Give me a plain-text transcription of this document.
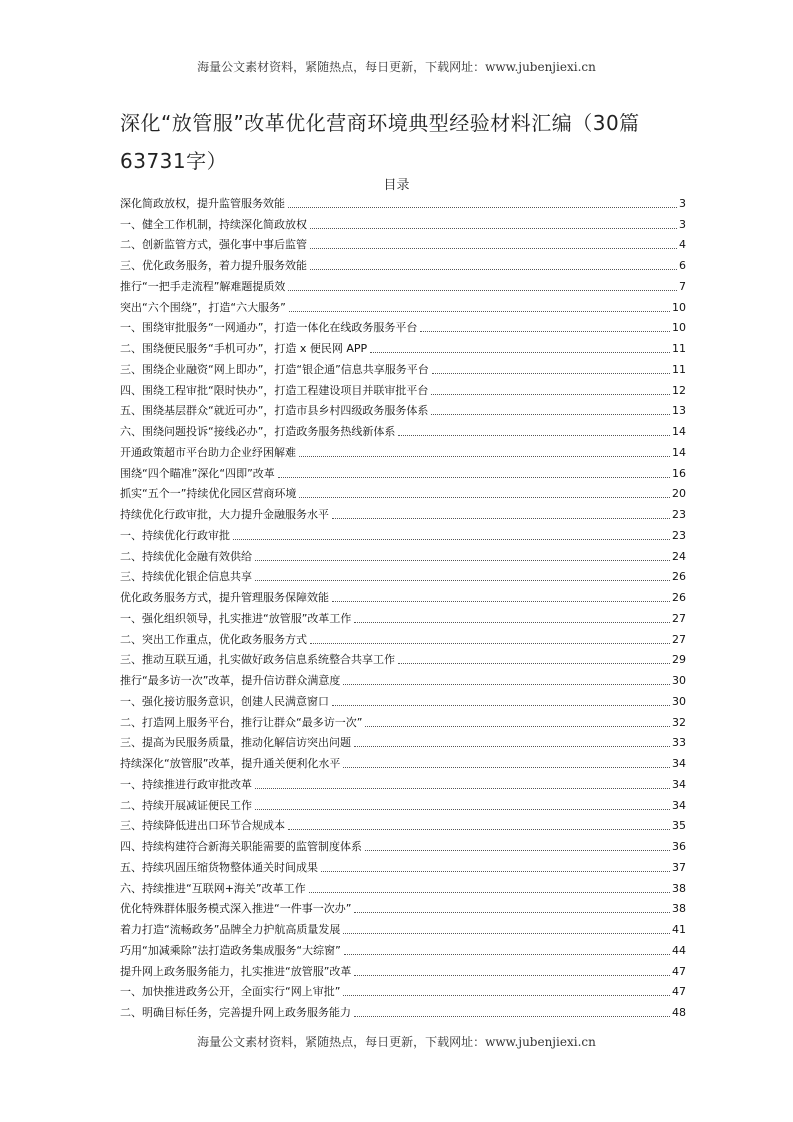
海量公文素材资料，紧随热点，每日更新，下载网址：www.jubenjiexi.cn
深化“放管服”改革优化营商环境典型经验材料汇编（30篇63731字）
目录
深化简政放权，提升监管服务效能	3
一、健全工作机制，持续深化简政放权	3
二、创新监管方式，强化事中事后监管	4
三、优化政务服务，着力提升服务效能	6
推行“一把手走流程”解难题提质效	7
突出“六个围绕”，打造“六大服务”	10
一、围绕审批服务“一网通办”，打造一体化在线政务服务平台	10
二、围绕便民服务“手机可办”，打造 x 便民网 APP	11
三、围绕企业融资“网上即办”，打造“银企通”信息共享服务平台	11
四、围绕工程审批“限时快办”，打造工程建设项目并联审批平台	12
五、围绕基层群众“就近可办”，打造市县乡村四级政务服务体系	13
六、围绕问题投诉“接线必办”，打造政务服务热线新体系	14
开通政策超市平台助力企业纾困解难	14
围绕“四个瞄准”深化“四即”改革	16
抓实“五个一”持续优化园区营商环境	20
持续优化行政审批，大力提升金融服务水平	23
一、持续优化行政审批	23
二、持续优化金融有效供给	24
三、持续优化银企信息共享	26
优化政务服务方式，提升管理服务保障效能	26
一、强化组织领导，扎实推进“放管服”改革工作	27
二、突出工作重点，优化政务服务方式	27
三、推动互联互通，扎实做好政务信息系统整合共享工作	29
推行“最多访一次”改革，提升信访群众满意度	30
一、强化接访服务意识，创建人民满意窗口	30
二、打造网上服务平台，推行让群众“最多访一次”	32
三、提高为民服务质量，推动化解信访突出问题	33
持续深化“放管服”改革，提升通关便利化水平	34
一、持续推进行政审批改革	34
二、持续开展减证便民工作	34
三、持续降低进出口环节合规成本	35
四、持续构建符合新海关职能需要的监管制度体系	36
五、持续巩固压缩货物整体通关时间成果	37
六、持续推进“互联网+海关”改革工作	38
优化特殊群体服务模式深入推进“一件事一次办”	38
着力打造“流畅政务”品牌全力护航高质量发展	41
巧用“加减乘除”法打造政务集成服务“大综窗”	44
提升网上政务服务能力，扎实推进“放管服”改革	47
一、加快推进政务公开，全面实行“网上审批”	47
二、明确目标任务，完善提升网上政务服务能力	48
海量公文素材资料，紧随热点，每日更新，下载网址：www.jubenjiexi.cn
